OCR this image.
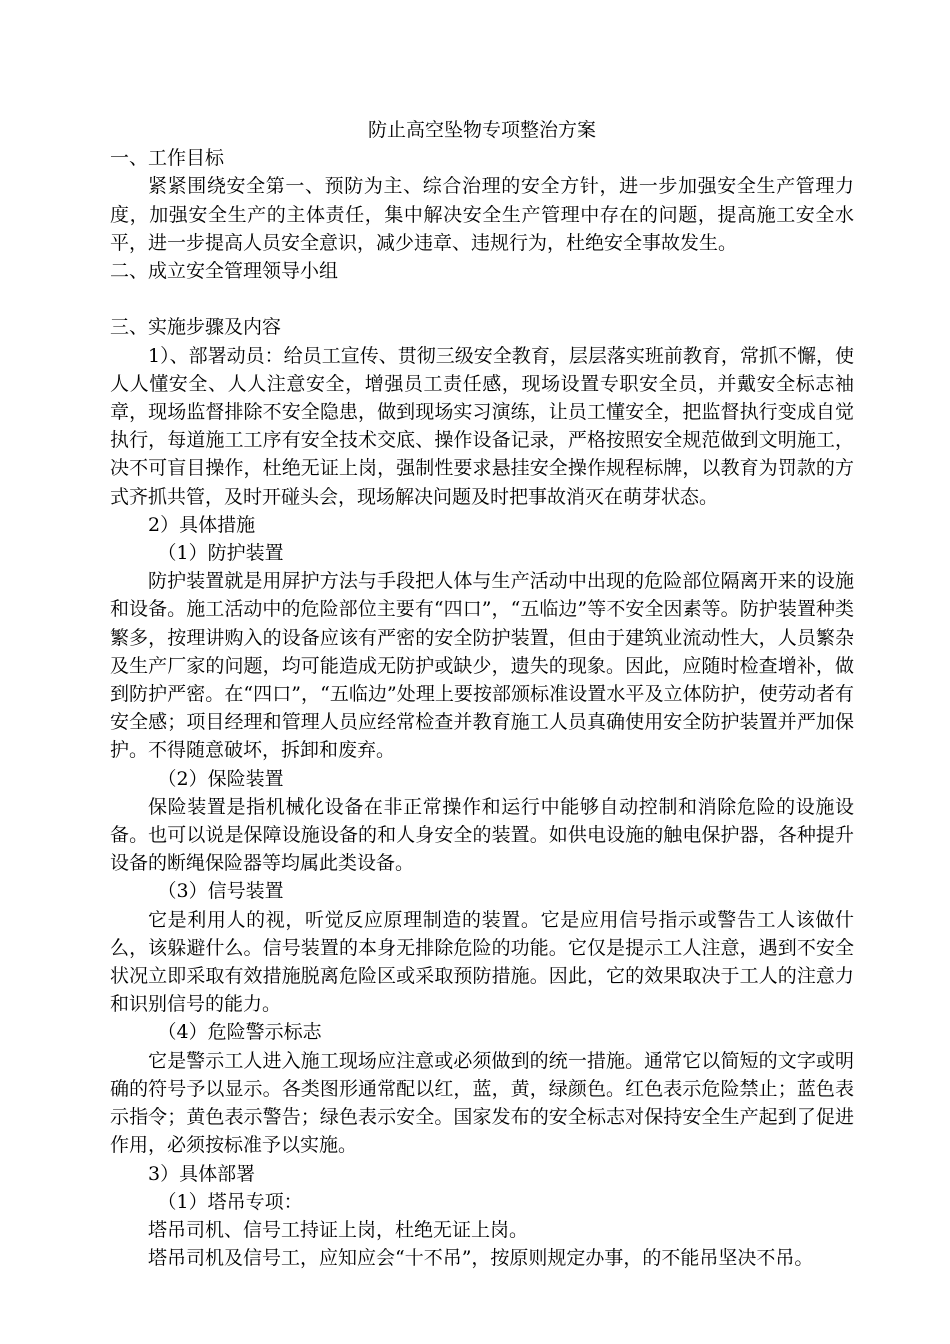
防止高空坠物专项整治方案

一、工作目标

紧紧围绕安全第一、预防为主、综合治理的安全方针，进一步加强安全生产管理力度，加强安全生产的主体责任，集中解决安全生产管理中存在的问题，提高施工安全水平，进一步提高人员安全意识，减少违章、违规行为，杜绝安全事故发生。

二、成立安全管理领导小组

三、实施步骤及内容

1）、部署动员：给员工宣传、贯彻三级安全教育，层层落实班前教育，常抓不懈，使人人懂安全、人人注意安全，增强员工责任感，现场设置专职安全员，并戴安全标志袖章，现场监督排除不安全隐患，做到现场实习演练，让员工懂安全，把监督执行变成自觉执行，每道施工工序有安全技术交底、操作设备记录，严格按照安全规范做到文明施工，决不可盲目操作，杜绝无证上岗，强制性要求悬挂安全操作规程标牌，以教育为罚款的方式齐抓共管，及时开碰头会，现场解决问题及时把事故消灭在萌芽状态。

2）具体措施

（1）防护装置

防护装置就是用屏护方法与手段把人体与生产活动中出现的危险部位隔离开来的设施和设备。施工活动中的危险部位主要有“四口”，“五临边”等不安全因素等。防护装置种类繁多，按理讲购入的设备应该有严密的安全防护装置，但由于建筑业流动性大，人员繁杂及生产厂家的问题，均可能造成无防护或缺少，遗失的现象。因此，应随时检查增补，做到防护严密。在“四口”，“五临边”处理上要按部颁标准设置水平及立体防护，使劳动者有安全感；项目经理和管理人员应经常检查并教育施工人员真确使用安全防护装置并严加保护。不得随意破坏，拆卸和废弃。

（2）保险装置

保险装置是指机械化设备在非正常操作和运行中能够自动控制和消除危险的设施设备。也可以说是保障设施设备的和人身安全的装置。如供电设施的触电保护器，各种提升设备的断绳保险器等均属此类设备。

（3）信号装置

它是利用人的视，听觉反应原理制造的装置。它是应用信号指示或警告工人该做什么，该躲避什么。信号装置的本身无排除危险的功能。它仅是提示工人注意，遇到不安全状况立即采取有效措施脱离危险区或采取预防措施。因此，它的效果取决于工人的注意力和识别信号的能力。

（4）危险警示标志

它是警示工人进入施工现场应注意或必须做到的统一措施。通常它以简短的文字或明确的符号予以显示。各类图形通常配以红，蓝，黄，绿颜色。红色表示危险禁止；蓝色表示指令；黄色表示警告；绿色表示安全。国家发布的安全标志对保持安全生产起到了促进作用，必须按标准予以实施。

3）具体部署

（1）塔吊专项：

塔吊司机、信号工持证上岗，杜绝无证上岗。

塔吊司机及信号工，应知应会“十不吊”，按原则规定办事，的不能吊坚决不吊。
